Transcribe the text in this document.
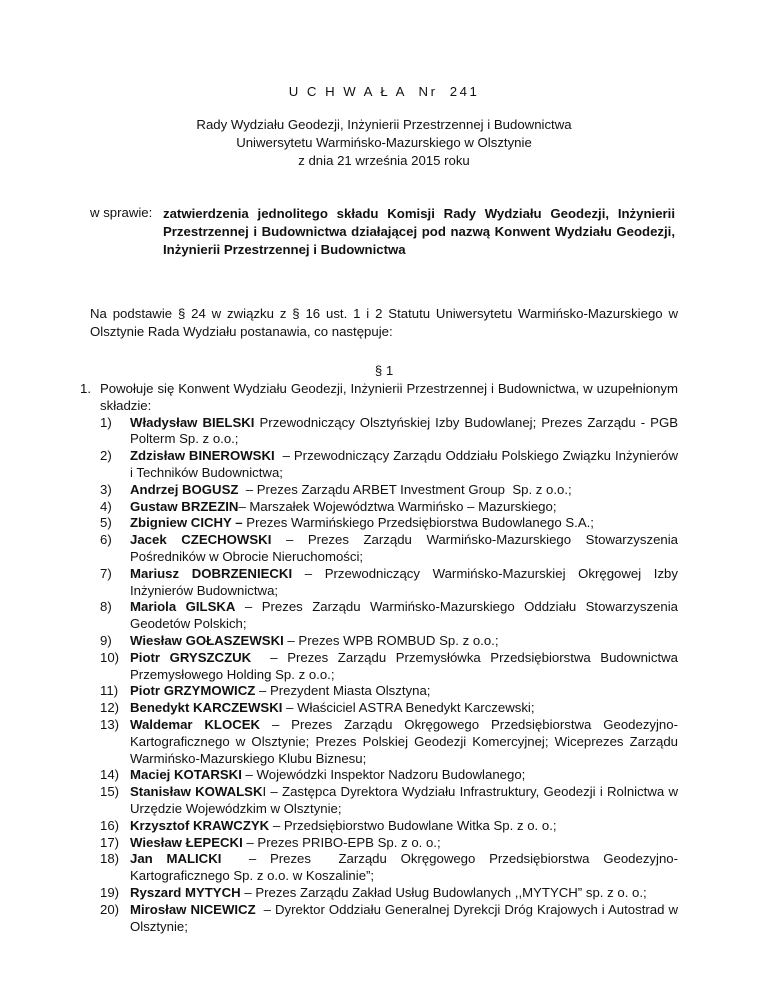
U C H W A Ł A  Nr  241
Rady Wydziału Geodezji, Inżynierii Przestrzennej i Budownictwa
Uniwersytetu Warmińsko-Mazurskiego w Olsztynie
z dnia 21 września 2015 roku
w sprawie: zatwierdzenia jednolitego składu Komisji Rady Wydziału Geodezji, Inżynierii Przestrzennej i Budownictwa działającej pod nazwą Konwent Wydziału Geodezji, Inżynierii Przestrzennej i Budownictwa
Na podstawie § 24 w związku z § 16 ust. 1 i 2 Statutu Uniwersytetu Warmińsko-Mazurskiego w Olsztynie Rada Wydziału postanawia, co następuje:
§ 1
1. Powołuje się Konwent Wydziału Geodezji, Inżynierii Przestrzennej i Budownictwa, w uzupełnionym składzie:
1) Władysław BIELSKI Przewodniczący Olsztyńskiej Izby Budowlanej; Prezes Zarządu - PGB Polterm Sp. z o.o.;
2) Zdzisław BINEROWSKI  – Przewodniczący Zarządu Oddziału Polskiego Związku Inżynierów i Techników Budownictwa;
3) Andrzej BOGUSZ  – Prezes Zarządu ARBET Investment Group  Sp. z o.o.;
4) Gustaw BRZEZIN– Marszałek Województwa Warmińsko – Mazurskiego;
5) Zbigniew CICHY – Prezes Warmińskiego Przedsiębiorstwa Budowlanego S.A.;
6) Jacek CZECHOWSKI – Prezes Zarządu Warmińsko-Mazurskiego Stowarzyszenia Pośredników w Obrocie Nieruchomości;
7) Mariusz DOBRZENIECKI – Przewodniczący Warmińsko-Mazurskiej Okręgowej Izby Inżynierów Budownictwa;
8) Mariola GILSKA – Prezes Zarządu Warmińsko-Mazurskiego Oddziału Stowarzyszenia Geodetów Polskich;
9) Wiesław GOŁASZEWSKI – Prezes WPB ROMBUD Sp. z o.o.;
10) Piotr GRYSZCZUK  – Prezes Zarządu Przemysłówka Przedsiębiorstwa Budownictwa Przemysłowego Holding Sp. z o.o.;
11) Piotr GRZYMOWICZ – Prezydent Miasta Olsztyna;
12) Benedykt KARCZEWSKI – Właściciel ASTRA Benedykt Karczewski;
13) Waldemar KLOCEK – Prezes Zarządu Okręgowego Przedsiębiorstwa Geodezyjno-Kartograficznego w Olsztynie; Prezes Polskiej Geodezji Komercyjnej; Wiceprezes Zarządu Warmińsko-Mazurskiego Klubu Biznesu;
14) Maciej KOTARSKI – Wojewódzki Inspektor Nadzoru Budowlanego;
15) Stanisław KOWALSKI – Zastępca Dyrektora Wydziału Infrastruktury, Geodezji i Rolnictwa w Urzędzie Wojewódzkim w Olsztynie;
16) Krzysztof KRAWCZYK – Przedsiębiorstwo Budowlane Witka Sp. z o. o.;
17) Wiesław ŁEPECKI – Prezes PRIBO-EPB Sp. z o. o.;
18) Jan MALICKI  – Prezes  Zarządu Okręgowego Przedsiębiorstwa Geodezyjno-Kartograficznego Sp. z o.o. w Koszalinie”;
19) Ryszard MYTYCH – Prezes Zarządu Zakład Usług Budowlanych ,,MYTYCH” sp. z o. o.;
20) Mirosław NICEWICZ  – Dyrektor Oddziału Generalnej Dyrekcji Dróg Krajowych i Autostrad w Olsztynie;
